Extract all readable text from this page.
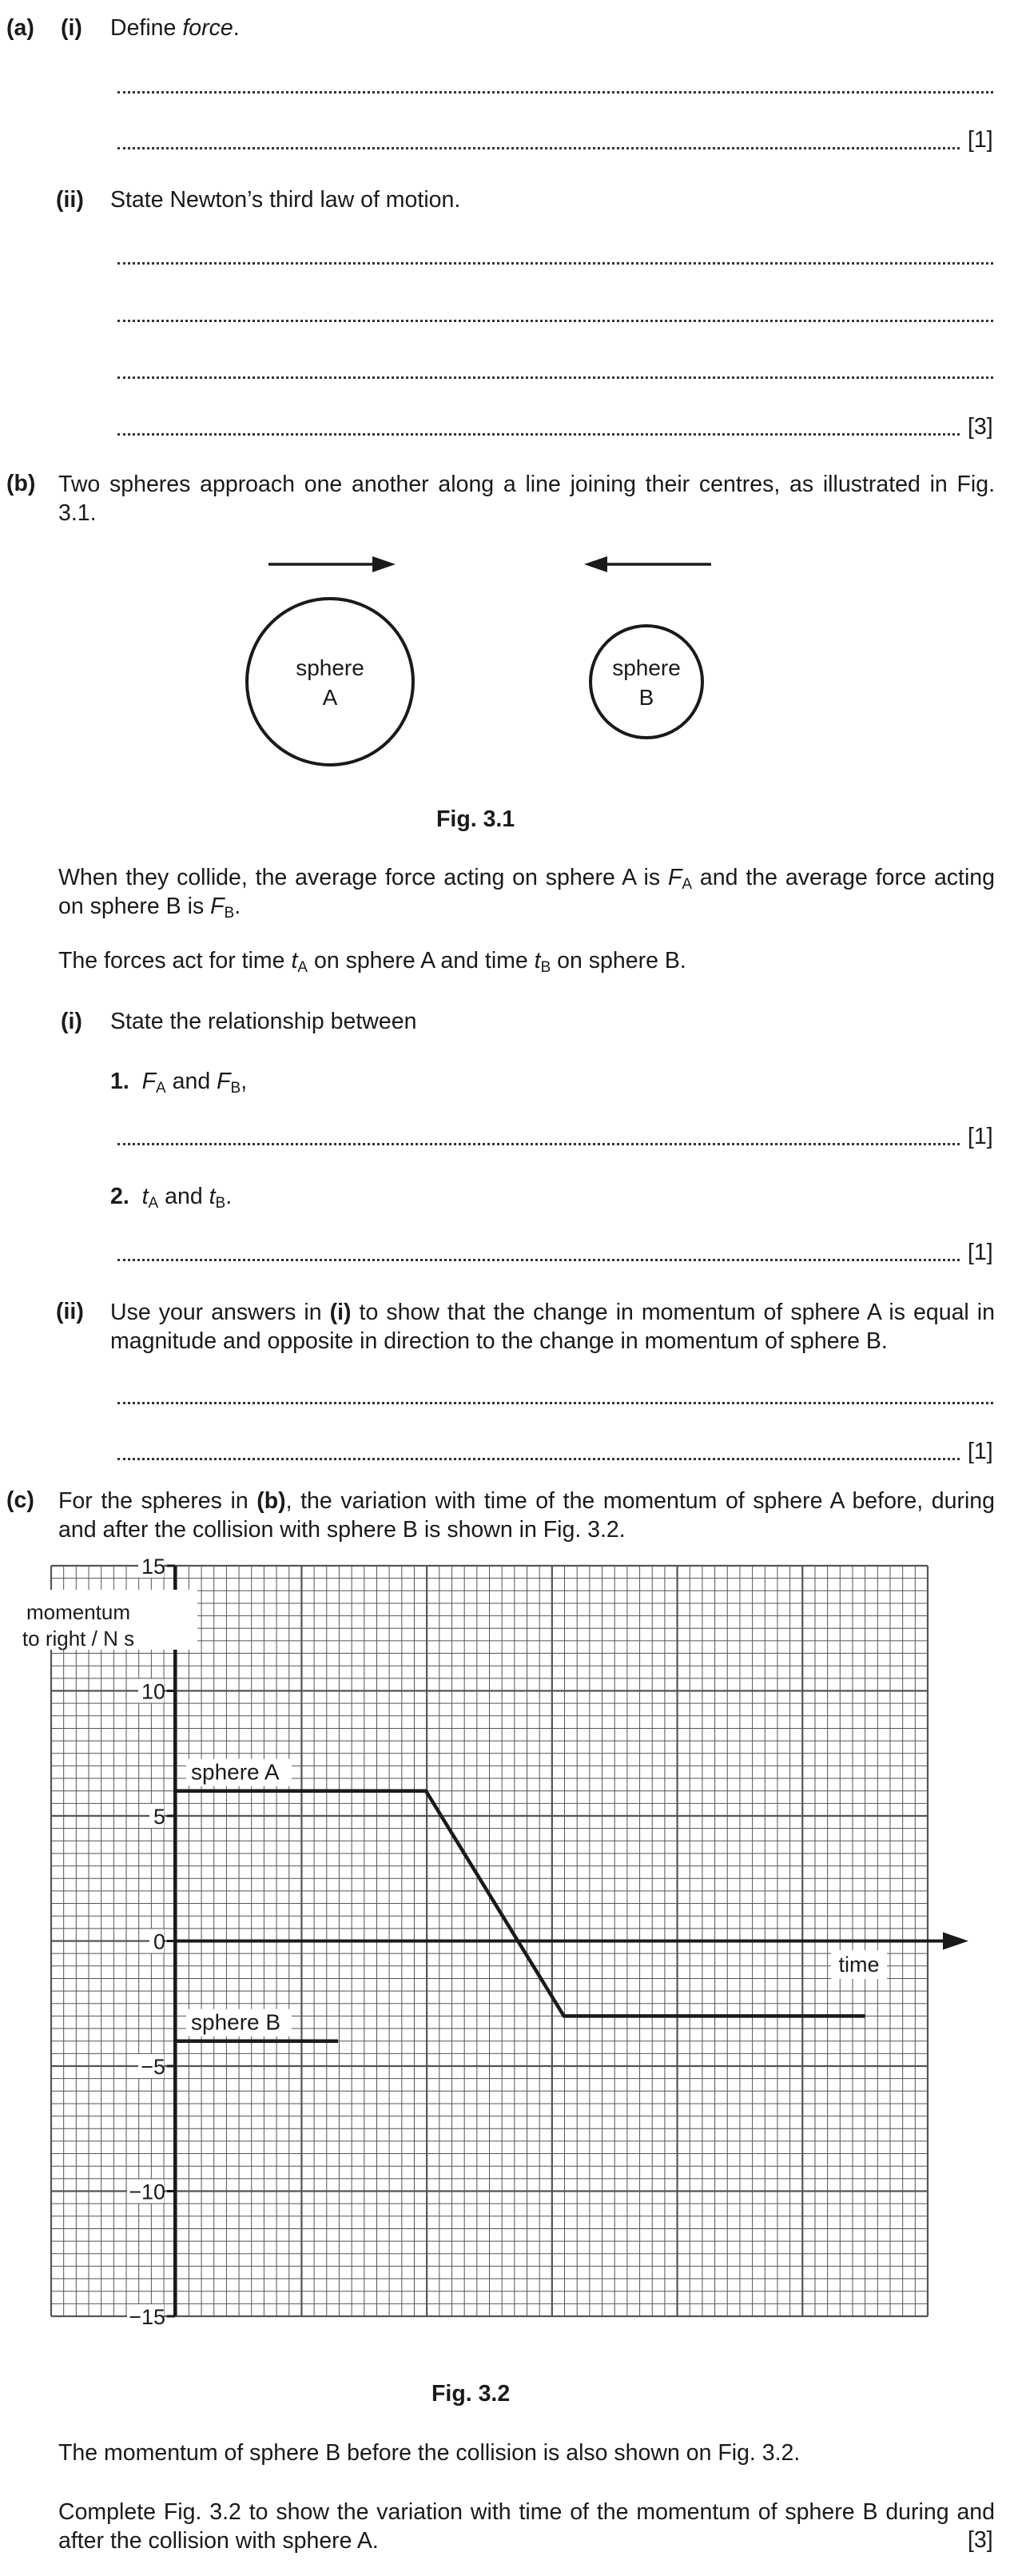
(a) (i) Define force.
[1]
(ii) State Newton’s third law of motion.
[3]
(b) Two spheres approach one another along a line joining their centres, as illustrated in Fig. 3.1.
sphere
A
sphere
B
Fig. 3.1
When they collide, the average force acting on sphere A is $F_A$ and the average force acting on sphere B is $F_B$.
The forces act for time $t_A$ on sphere A and time $t_B$ on sphere B.
(i) State the relationship between
1. $F_A$ and $F_B$,
[1]
2. $t_A$ and $t_B$.
[1]
(ii) Use your answers in (i) to show that the change in momentum of sphere A is equal in magnitude and opposite in direction to the change in momentum of sphere B.
[1]
(c) For the spheres in (b), the variation with time of the momentum of sphere A before, during and after the collision with sphere B is shown in Fig. 3.2.
15
10
5
0
−5
−10
−15
sphere A
sphere B
momentum
to right / N s
time
Fig. 3.2
The momentum of sphere B before the collision is also shown on Fig. 3.2.
Complete Fig. 3.2 to show the variation with time of the momentum of sphere B during and after the collision with sphere A.	[3]
